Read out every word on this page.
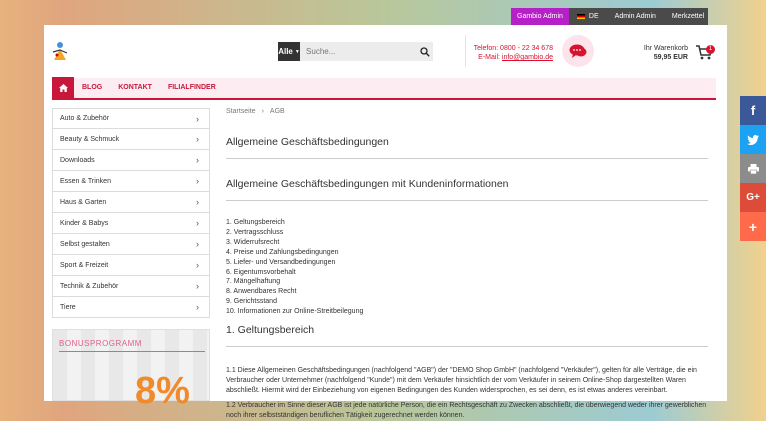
Gambio Admin	DE	Admin Admin	Merkzettel
Alle ▼
Suche...	Telefon: 0800 - 22 34 678
E-Mail: info@gambio.de
Ihr Warenkorb
59,95 EUR
1
BLOG	KONTAKT	FILIALFINDER
Auto & Zubehör	›
Beauty & Schmuck	›
Downloads	›
Essen & Trinken	›
Haus & Garten	›
Kinder & Babys	›
Selbst gestalten	›
Sport & Freizeit	›
Technik & Zubehör	›
Tiere	›
BONUSPROGRAMM
8%
Startseite › AGB
Allgemeine Geschäftsbedingungen
Allgemeine Geschäftsbedingungen mit Kundeninformationen
1. Geltungsbereich
2. Vertragsschluss
3. Widerrufsrecht
4. Preise und Zahlungsbedingungen
5. Liefer- und Versandbedingungen
6. Eigentumsvorbehalt
7. Mängelhaftung
8. Anwendbares Recht
9. Gerichtsstand
10. Informationen zur Online-Streitbeilegung
1. Geltungsbereich
1.1 Diese Allgemeinen Geschäftsbedingungen (nachfolgend "AGB") der "DEMO Shop GmbH" (nachfolgend "Verkäufer"), gelten für alle Verträge, die ein Verbraucher oder Unternehmer (nachfolgend "Kunde") mit dem Verkäufer hinsichtlich der vom Verkäufer in seinem Online-Shop dargestellten Waren abschließt. Hiermit wird der Einbeziehung von eigenen Bedingungen des Kunden widersprochen, es sei denn, es ist etwas anderes vereinbart.
1.2 Verbraucher im Sinne dieser AGB ist jede natürliche Person, die ein Rechtsgeschäft zu Zwecken abschließt, die überwiegend weder ihrer gewerblichen noch ihrer selbstständigen beruflichen Tätigkeit zugerechnet werden können.
f
G+
+
